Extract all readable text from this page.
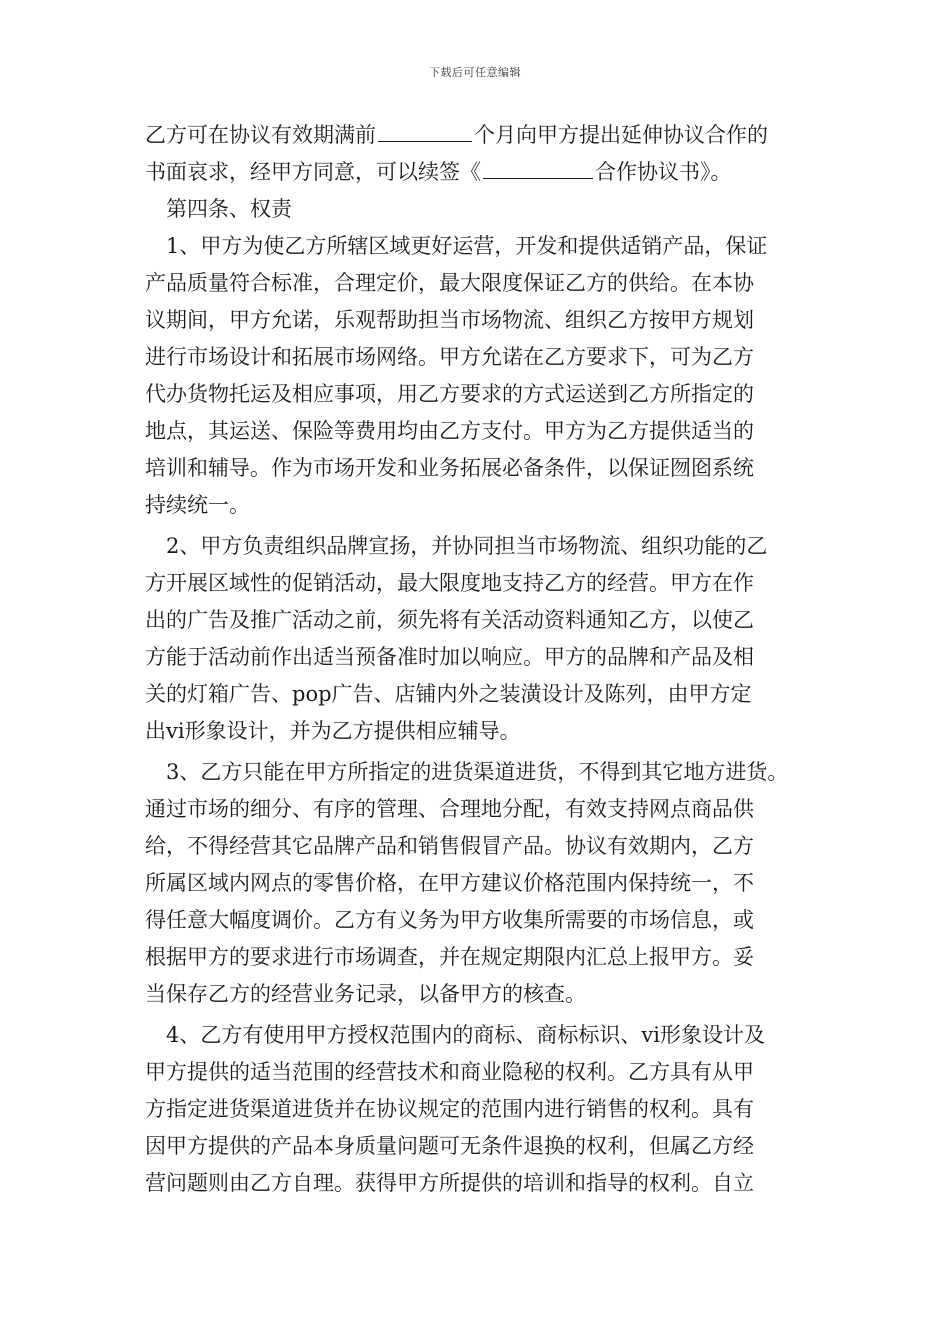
下载后可任意编辑
乙方可在协议有效期满前	个月向甲方提出延伸协议合作的
书面哀求，经甲方同意，可以续签《	合作协议书》。
第四条、权责
1、甲方为使乙方所辖区域更好运营，开发和提供适销产品，保证
产品质量符合标准，合理定价，最大限度保证乙方的供给。在本协
议期间，甲方允诺，乐观帮助担当市场物流、组织乙方按甲方规划
进行市场设计和拓展市场网络。甲方允诺在乙方要求下，可为乙方
代办货物托运及相应事项，用乙方要求的方式运送到乙方所指定的
地点，其运送、保险等费用均由乙方支付。甲方为乙方提供适当的
培训和辅导。作为市场开发和业务拓展必备条件，以保证囫囵系统
持续统一。
2、甲方负责组织品牌宣扬，并协同担当市场物流、组织功能的乙
方开展区域性的促销活动，最大限度地支持乙方的经营。甲方在作
出的广告及推广活动之前，须先将有关活动资料通知乙方，以使乙
方能于活动前作出适当预备准时加以响应。甲方的品牌和产品及相
关的灯箱广告、pop广告、店铺内外之装潢设计及陈列，由甲方定
出vi形象设计，并为乙方提供相应辅导。
3、乙方只能在甲方所指定的进货渠道进货，不得到其它地方进货。
通过市场的细分、有序的管理、合理地分配，有效支持网点商品供
给，不得经营其它品牌产品和销售假冒产品。协议有效期内，乙方
所属区域内网点的零售价格，在甲方建议价格范围内保持统一，不
得任意大幅度调价。乙方有义务为甲方收集所需要的市场信息，或
根据甲方的要求进行市场调查，并在规定期限内汇总上报甲方。妥
当保存乙方的经营业务记录，以备甲方的核查。
4、乙方有使用甲方授权范围内的商标、商标标识、vi形象设计及
甲方提供的适当范围的经营技术和商业隐秘的权利。乙方具有从甲
方指定进货渠道进货并在协议规定的范围内进行销售的权利。具有
因甲方提供的产品本身质量问题可无条件退换的权利，但属乙方经
营问题则由乙方自理。获得甲方所提供的培训和指导的权利。自立
